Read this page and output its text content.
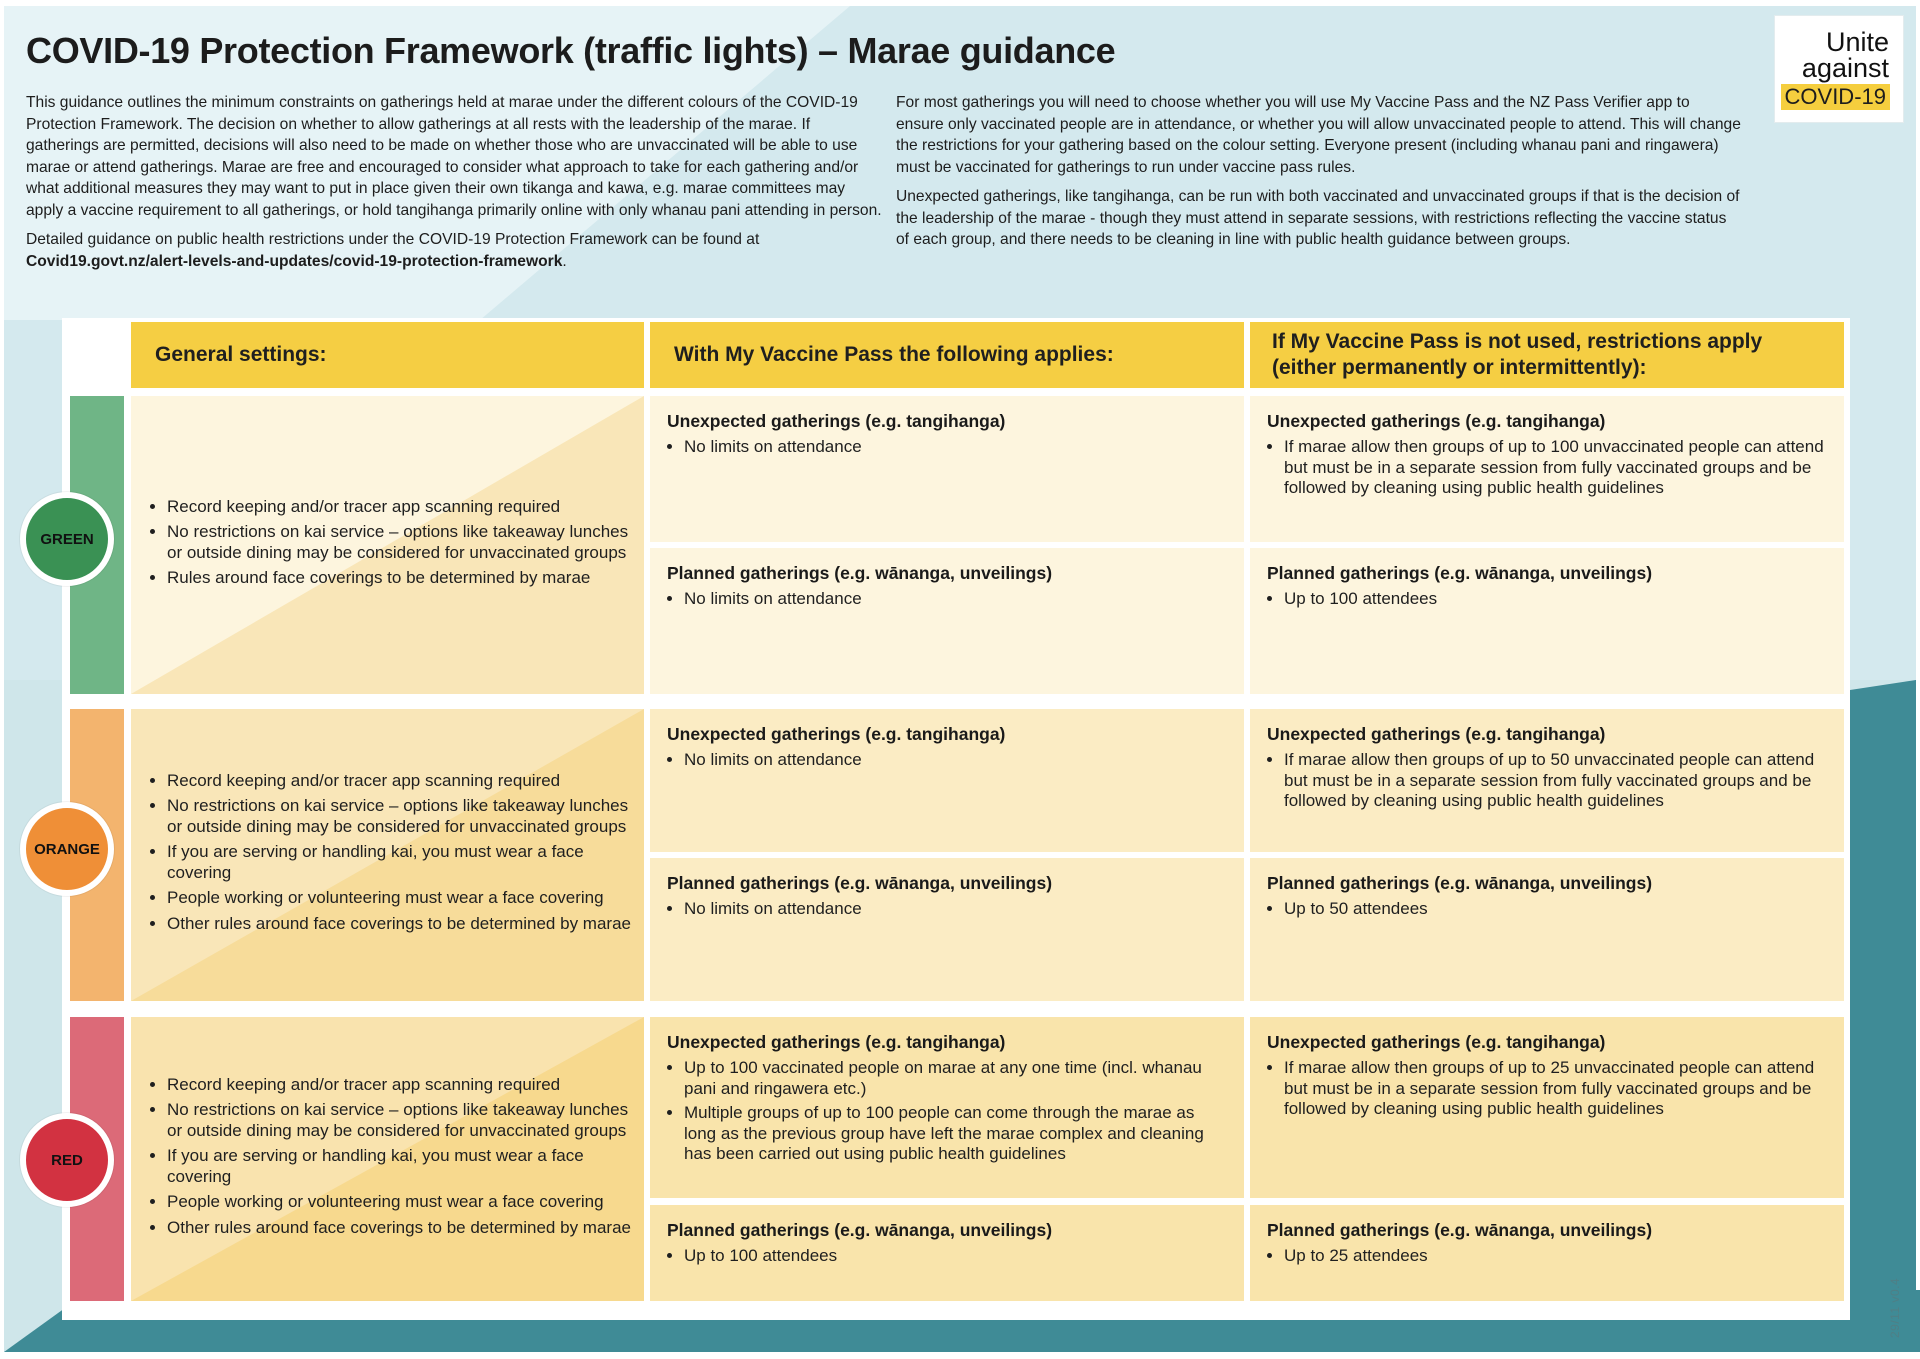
COVID-19 Protection Framework (traffic lights) – Marae guidance

This guidance outlines the minimum constraints on gatherings held at marae under the different colours of the COVID-19 Protection Framework. The decision on whether to allow gatherings at all rests with the leadership of the marae. If gatherings are permitted, decisions will also need to be made on whether those who are unvaccinated will be able to use marae or attend gatherings. Marae are free and encouraged to consider what approach to take for each gathering and/or what additional measures they may want to put in place given their own tikanga and kawa, e.g. marae committees may apply a vaccine requirement to all gatherings, or hold tangihanga primarily online with only whanau pani attending in person.

Detailed guidance on public health restrictions under the COVID-19 Protection Framework can be found at Covid19.govt.nz/alert-levels-and-updates/covid-19-protection-framework.

For most gatherings you will need to choose whether you will use My Vaccine Pass and the NZ Pass Verifier app to ensure only vaccinated people are in attendance, or whether you will allow unvaccinated people to attend. This will change the restrictions for your gathering based on the colour setting. Everyone present (including whanau pani and ringawera) must be vaccinated for gatherings to run under vaccine pass rules.

Unexpected gatherings, like tangihanga, can be run with both vaccinated and unvaccinated groups if that is the decision of the leadership of the marae - though they must attend in separate sessions, with restrictions reflecting the vaccine status of each group, and there needs to be cleaning in line with public health guidance between groups.

Unite
against
COVID-19
General settings:	With My Vaccine Pass the following applies:
If My Vaccine Pass is not used, restrictions apply (either permanently or intermittently):
GREEN
• Record keeping and/or tracer app scanning required
• No restrictions on kai service – options like takeaway lunches or outside dining may be considered for unvaccinated groups
• Rules around face coverings to be determined by marae
Unexpected gatherings (e.g. tangihanga)
• No limits on attendance
Planned gatherings (e.g. wānanga, unveilings)
• No limits on attendance
Unexpected gatherings (e.g. tangihanga)
• If marae allow then groups of up to 100 unvaccinated people can attend but must be in a separate session from fully vaccinated groups and be followed by cleaning using public health guidelines
Planned gatherings (e.g. wānanga, unveilings)
• Up to 100 attendees
ORANGE
• Record keeping and/or tracer app scanning required
• No restrictions on kai service – options like takeaway lunches or outside dining may be considered for unvaccinated groups
• If you are serving or handling kai, you must wear a face covering
• People working or volunteering must wear a face covering
• Other rules around face coverings to be determined by marae
Unexpected gatherings (e.g. tangihanga)
• No limits on attendance
Planned gatherings (e.g. wānanga, unveilings)
• No limits on attendance
Unexpected gatherings (e.g. tangihanga)
• If marae allow then groups of up to 50 unvaccinated people can attend but must be in a separate session from fully vaccinated groups and be followed by cleaning using public health guidelines
Planned gatherings (e.g. wānanga, unveilings)
• Up to 50 attendees
RED
• Record keeping and/or tracer app scanning required
• No restrictions on kai service – options like takeaway lunches or outside dining may be considered for unvaccinated groups
• If you are serving or handling kai, you must wear a face covering
• People working or volunteering must wear a face covering
• Other rules around face coverings to be determined by marae
Unexpected gatherings (e.g. tangihanga)
• Up to 100 vaccinated people on marae at any one time (incl. whanau pani and ringawera etc.)
• Multiple groups of up to 100 people can come through the marae as long as the previous group have left the marae complex and cleaning has been carried out using public health guidelines
Planned gatherings (e.g. wānanga, unveilings)
• Up to 100 attendees
Unexpected gatherings (e.g. tangihanga)
• If marae allow then groups of up to 25 unvaccinated people can attend but must be in a separate session from fully vaccinated groups and be followed by cleaning using public health guidelines
Planned gatherings (e.g. wānanga, unveilings)
• Up to 25 attendees
29/11 v0.4
